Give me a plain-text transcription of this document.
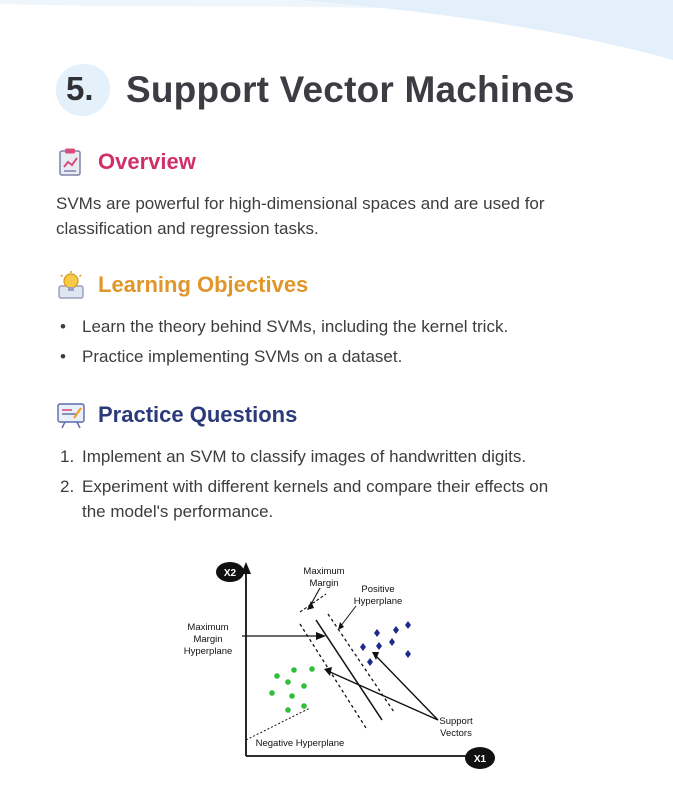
5. Support Vector Machines
Overview
SVMs are powerful for high-dimensional spaces and are used for
classification and regression tasks.
Learning Objectives
• Learn the theory behind SVMs, including the kernel trick.
• Practice implementing SVMs on a dataset.
Practice Questions
1. Implement an SVM to classify images of handwritten digits.
2. Experiment with different kernels and compare their effects on
the model's performance.
X2
X1
Maximum
Margin
Hyperplane
Maximum
Margin
Positive
Hyperplane
Support
Vectors
Negative Hyperplane
